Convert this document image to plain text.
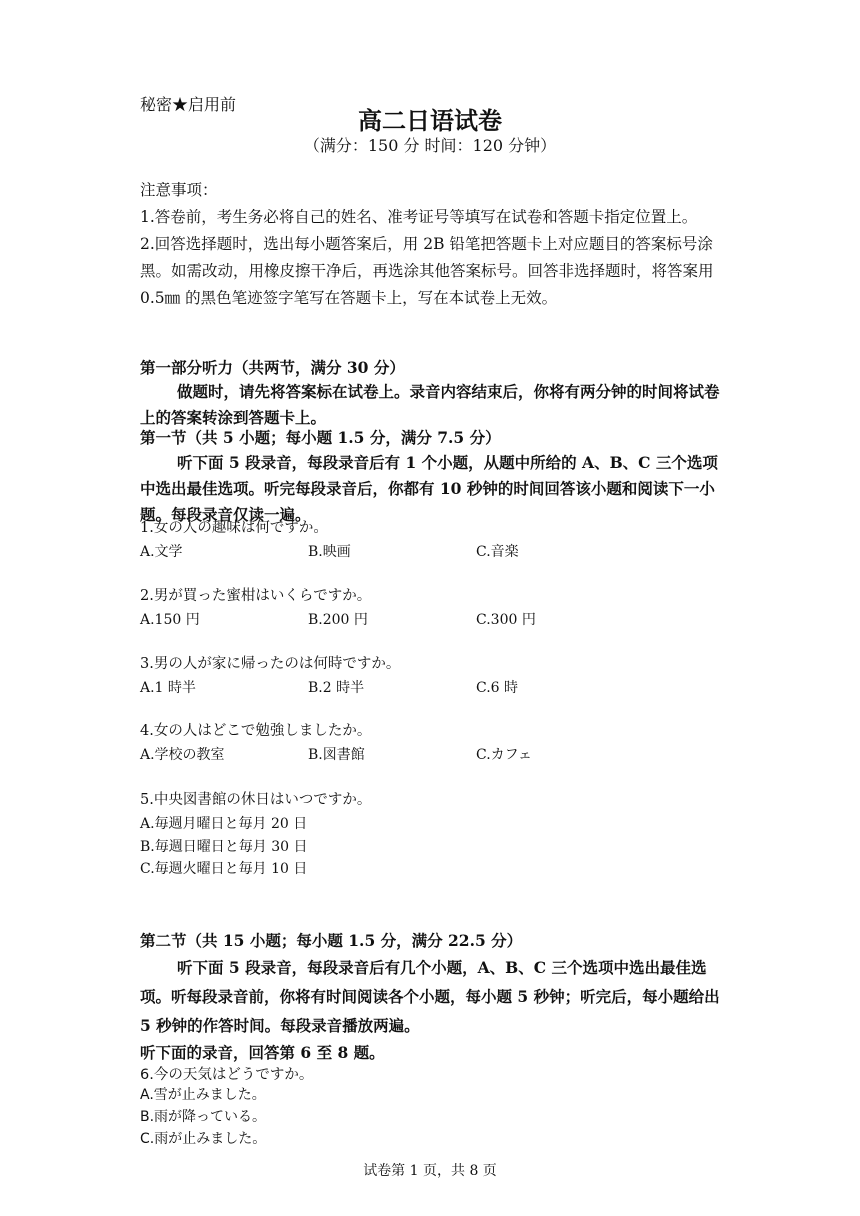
秘密★启用前
高二日语试卷
（满分：150 分 时间：120 分钟）

注意事项：

1.答卷前，考生务必将自己的姓名、准考证号等填写在试卷和答题卡指定位置上。

2.回答选择题时，选出每小题答案后，用 2B 铅笔把答题卡上对应题目的答案标号涂黑。如需改动，用橡皮擦干净后，再选涂其他答案标号。回答非选择题时，将答案用 0.5㎜ 的黑色笔迹签字笔写在答题卡上，写在本试卷上无效。

第一部分听力（共两节，满分 30 分）
做题时，请先将答案标在试卷上。录音内容结束后，你将有两分钟的时间将试卷上的答案转涂到答题卡上。
第一节（共 5 小题；每小题 1.5 分，满分 7.5 分）
听下面 5 段录音，每段录音后有 1 个小题，从题中所给的 A、B、C 三个选项中选出最佳选项。听完每段录音后，你都有 10 秒钟的时间回答该小题和阅读下一小题。每段录音仅读一遍。
1.女の人の趣味は何ですか。
A.文学	B.映画	C.音楽
2.男が買った蜜柑はいくらですか。
A.150 円	B.200 円	C.300 円
3.男の人が家に帰ったのは何時ですか。
A.1 時半	B.2 時半	C.6 時
4.女の人はどこで勉強しましたか。
A.学校の教室	B.図書館	C.カフェ
5.中央図書館の休日はいつですか。
A.毎週月曜日と毎月 20 日
B.毎週日曜日と毎月 30 日
C.毎週火曜日と毎月 10 日
第二节（共 15 小题；每小题 1.5 分，满分 22.5 分）
听下面 5 段录音，每段录音后有几个小题，A、B、C 三个选项中选出最佳选项。听每段录音前，你将有时间阅读各个小题，每小题 5 秒钟；听完后，每小题给出 5 秒钟的作答时间。每段录音播放两遍。
听下面的录音，回答第 6 至 8 题。
6.今の天気はどうですか。
A.雪が止みました。
B.雨が降っている。
C.雨が止みました。
试卷第 1 页，共 8 页
